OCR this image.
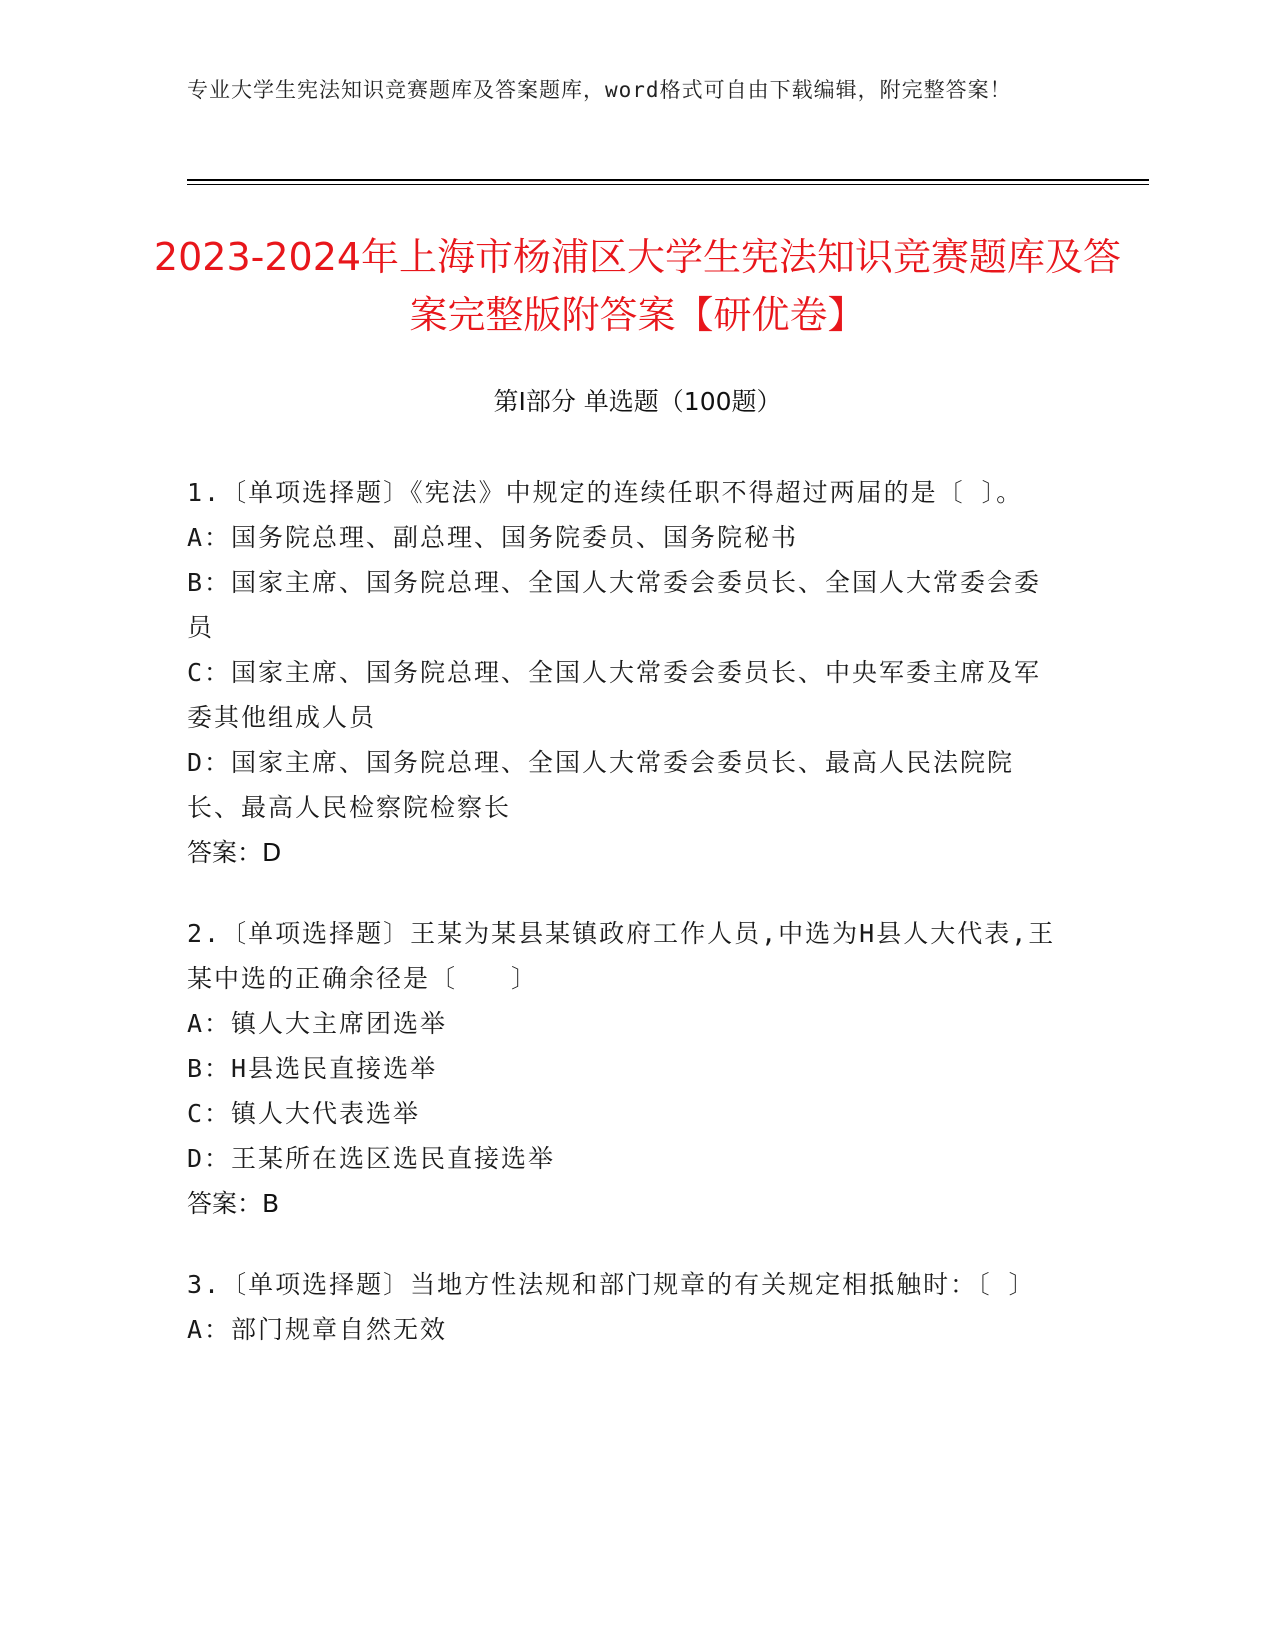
专业大学生宪法知识竞赛题库及答案题库，word格式可自由下载编辑，附完整答案！

2023-2024年上海市杨浦区大学生宪法知识竞赛题库及答案完整版附答案【研优卷】
第Ⅰ部分 单选题（100题）

1.〔单项选择题〕《宪法》中规定的连续任职不得超过两届的是〔 〕。

A：国务院总理、副总理、国务院委员、国务院秘书

B：国家主席、国务院总理、全国人大常委会委员长、全国人大常委会委员

C：国家主席、国务院总理、全国人大常委会委员长、中央军委主席及军委其他组成人员

D：国家主席、国务院总理、全国人大常委会委员长、最高人民法院院长、最高人民检察院检察长

答案：D

2.〔单项选择题〕王某为某县某镇政府工作人员,中选为H县人大代表,王某中选的正确余径是〔　　〕

A：镇人大主席团选举

B：H县选民直接选举

C：镇人大代表选举

D：王某所在选区选民直接选举

答案：B

3.〔单项选择题〕当地方性法规和部门规章的有关规定相抵触时：〔 〕

A：部门规章自然无效
